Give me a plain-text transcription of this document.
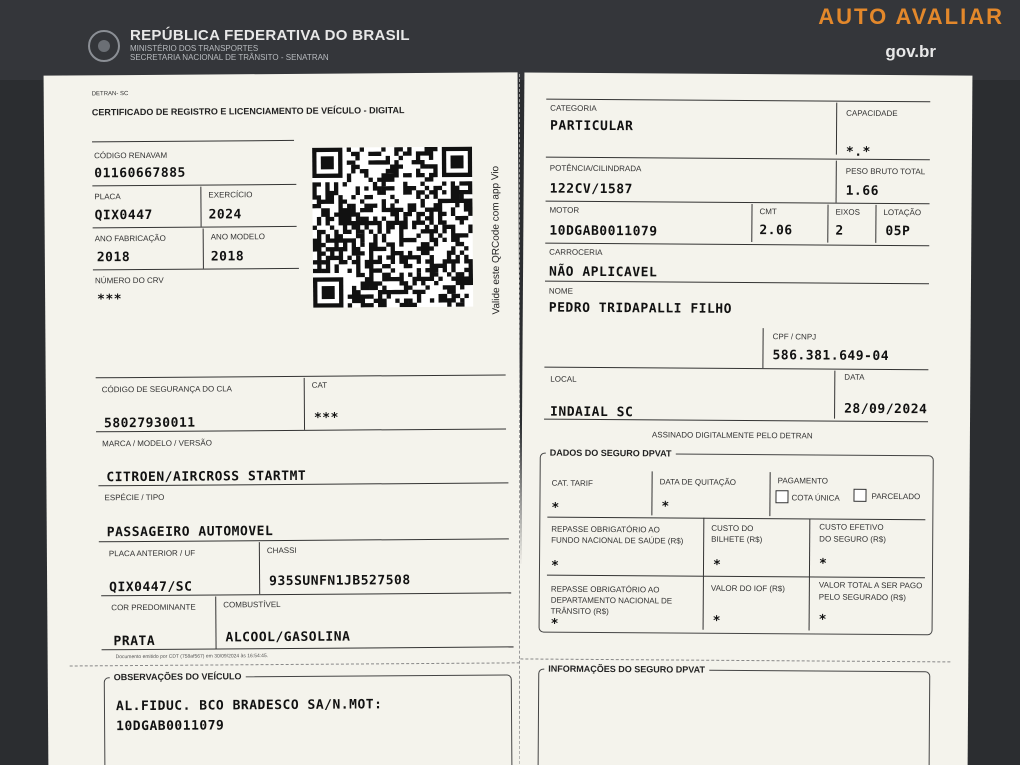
REPÚBLICA FEDERATIVA DO BRASIL
MINISTÉRIO DOS TRANSPORTES
SECRETARIA NACIONAL DE TRÂNSITO - SENATRAN
AUTO AVALIAR
gov.br
DETRAN- SC
CERTIFICADO DE REGISTRO E LICENCIAMENTO DE VEÍCULO - DIGITAL
CÓDIGO RENAVAM
01160667885
PLACA
QIX0447
EXERCÍCIO
2024
ANO FABRICAÇÃO
2018
ANO MODELO
2018
NÚMERO DO CRV
***	Valide este QRCode com app Vio
CÓDIGO DE SEGURANÇA DO CLA
58027930011
CAT
***
MARCA / MODELO / VERSÃO
CITROEN/AIRCROSS STARTMT
ESPÉCIE / TIPO
PASSAGEIRO AUTOMOVEL
PLACA ANTERIOR / UF
QIX0447/SC
CHASSI
935SUNFN1JB527508
COR PREDOMINANTE
PRATA
COMBUSTÍVEL
ALCOOL/GASOLINA
Documento emitido por CDT (758af567) em 30/09/2024 às 16:54:45.
OBSERVAÇÕES DO VEÍCULO
AL.FIDUC. BCO BRADESCO SA/N.MOT:
10DGAB0011079
CATEGORIA
PARTICULAR
CAPACIDADE
*.*
POTÊNCIA/CILINDRADA
122CV/1587
PESO BRUTO TOTAL
1.66
MOTOR
10DGAB0011079
CMT
2.06
EIXOS
2
LOTAÇÃO
05P
CARROCERIA
NÃO APLICAVEL
NOME
PEDRO TRIDAPALLI FILHO
CPF / CNPJ
586.381.649-04
LOCAL
INDAIAL SC
DATA
28/09/2024
ASSINADO DIGITALMENTE PELO DETRAN
DADOS DO SEGURO DPVAT
CAT. TARIF
*
DATA DE QUITAÇÃO
*
PAGAMENTO
COTA ÚNICA	PARCELADO
REPASSE OBRIGATÓRIO AO
FUNDO NACIONAL DE SAÚDE (R$)
*
CUSTO DO
BILHETE (R$)
*
CUSTO EFETIVO
DO SEGURO (R$)
*
REPASSE OBRIGATÓRIO AO
DEPARTAMENTO NACIONAL DE
TRÂNSITO (R$)
*
VALOR DO IOF (R$)
*
VALOR TOTAL A SER PAGO
PELO SEGURADO (R$)
*
INFORMAÇÕES DO SEGURO DPVAT
